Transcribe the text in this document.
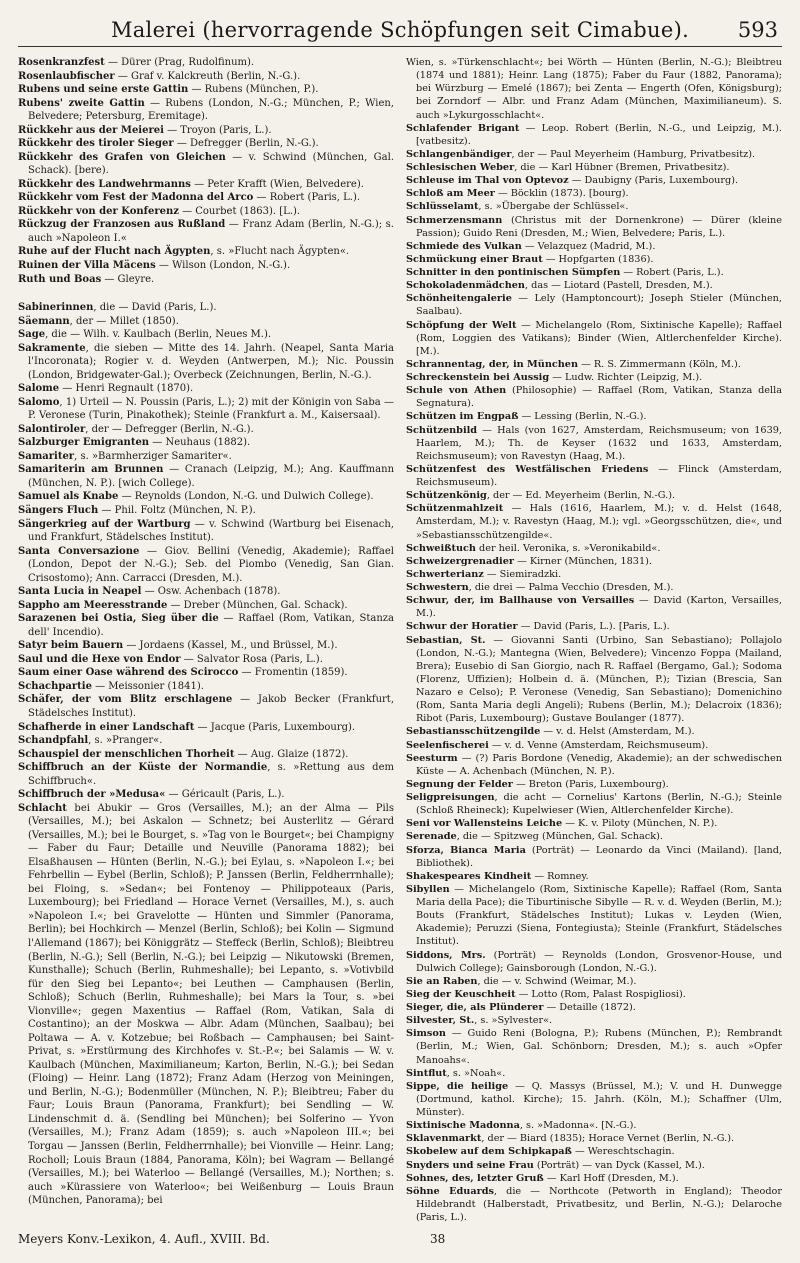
Malerei (hervorragende Schöpfungen seit Cimabue).	593

Rosenkranzfest — Dürer (Prag, Rudolfinum).

Rosenlaubfischer — Graf v. Kalckreuth (Berlin, N.-G.).

Rubens und seine erste Gattin — Rubens (München, P.).

Rubens' zweite Gattin — Rubens (London, N.-G.; München, P.; Wien, Belvedere; Petersburg, Eremitage).

Rückkehr aus der Meierei — Troyon (Paris, L.).

Rückkehr des tiroler Sieger — Defregger (Berlin, N.-G.).

Rückkehr des Grafen von Gleichen — v. Schwind (München, Gal. Schack). [bere).

Rückkehr des Landwehrmanns — Peter Krafft (Wien, Belvedere).

Rückkehr vom Fest der Madonna del Arco — Robert (Paris, L.).

Rückkehr von der Konferenz — Courbet (1863). [L.).

Rückzug der Franzosen aus Rußland — Franz Adam (Berlin, N.-G.); s. auch »Napoleon I.«

Ruhe auf der Flucht nach Ägypten, s. »Flucht nach Ägypten«.

Ruinen der Villa Mäcens — Wilson (London, N.-G.).

Ruth und Boas — Gleyre.

Sabinerinnen, die — David (Paris, L.).

Säemann, der — Millet (1850).

Sage, die — Wilh. v. Kaulbach (Berlin, Neues M.).

Sakramente, die sieben — Mitte des 14. Jahrh. (Neapel, Santa Maria l'Incoronata); Rogier v. d. Weyden (Antwerpen, M.); Nic. Poussin (London, Bridgewater-Gal.); Overbeck (Zeichnungen, Berlin, N.-G.).

Salome — Henri Regnault (1870).

Salomo, 1) Urteil — N. Poussin (Paris, L.); 2) mit der Königin von Saba — P. Veronese (Turin, Pinakothek); Steinle (Frankfurt a. M., Kaisersaal).

Salontiroler, der — Defregger (Berlin, N.-G.).

Salzburger Emigranten — Neuhaus (1882).

Samariter, s. »Barmherziger Samariter«.

Samariterin am Brunnen — Cranach (Leipzig, M.); Ang. Kauffmann (München, N. P.). [wich College).

Samuel als Knabe — Reynolds (London, N.-G. und Dulwich College).

Sängers Fluch — Phil. Foltz (München, N. P.).

Sängerkrieg auf der Wartburg — v. Schwind (Wartburg bei Eisenach, und Frankfurt, Städelsches Institut).

Santa Conversazione — Giov. Bellini (Venedig, Akademie); Raffael (London, Depot der N.-G.); Seb. del Piombo (Venedig, San Gian. Crisostomo); Ann. Carracci (Dresden, M.).

Santa Lucia in Neapel — Osw. Achenbach (1878).

Sappho am Meeresstrande — Dreber (München, Gal. Schack).

Sarazenen bei Ostia, Sieg über die — Raffael (Rom, Vatikan, Stanza dell' Incendio).

Satyr beim Bauern — Jordaens (Kassel, M., und Brüssel, M.).

Saul und die Hexe von Endor — Salvator Rosa (Paris, L.).

Saum einer Oase während des Scirocco — Fromentin (1859).

Schachpartie — Meissonier (1841).

Schäfer, der vom Blitz erschlagene — Jakob Becker (Frankfurt, Städelsches Institut).

Schafherde in einer Landschaft — Jacque (Paris, Luxembourg).

Schandpfahl, s. »Pranger«.

Schauspiel der menschlichen Thorheit — Aug. Glaize (1872).

Schiffbruch an der Küste der Normandie, s. »Rettung aus dem Schiffbruch«.

Schiffbruch der »Medusa« — Géricault (Paris, L.).

Schlacht bei Abukir — Gros (Versailles, M.); an der Alma — Pils (Versailles, M.); bei Askalon — Schnetz; bei Austerlitz — Gérard (Versailles, M.); bei le Bourget, s. »Tag von le Bourget«; bei Champigny — Faber du Faur; Detaille und Neuville (Panorama 1882); bei Elsaßhausen — Hünten (Berlin, N.-G.); bei Eylau, s. »Napoleon I.«; bei Fehrbellin — Eybel (Berlin, Schloß); P. Janssen (Berlin, Feldherrnhalle); bei Floing, s. »Sedan«; bei Fontenoy — Philippoteaux (Paris, Luxembourg); bei Friedland — Horace Vernet (Versailles, M.), s. auch »Napoleon I.«; bei Gravelotte — Hünten und Simmler (Panorama, Berlin); bei Hochkirch — Menzel (Berlin, Schloß); bei Kolin — Sigmund l'Allemand (1867); bei Königgrätz — Steffeck (Berlin, Schloß); Bleibtreu (Berlin, N.-G.); Sell (Berlin, N.-G.); bei Leipzig — Nikutowski (Bremen, Kunsthalle); Schuch (Berlin, Ruhmeshalle); bei Lepanto, s. »Votivbild für den Sieg bei Lepanto«; bei Leuthen — Camphausen (Berlin, Schloß); Schuch (Berlin, Ruhmeshalle); bei Mars la Tour, s. »bei Vionville«; gegen Maxentius — Raffael (Rom, Vatikan, Sala di Costantino); an der Moskwa — Albr. Adam (München, Saalbau); bei Poltawa — A. v. Kotzebue; bei Roßbach — Camphausen; bei Saint-Privat, s. »Erstürmung des Kirchhofes v. St.-P.«; bei Salamis — W. v. Kaulbach (München, Maximilianeum; Karton, Berlin, N.-G.); bei Sedan (Floing) — Heinr. Lang (1872); Franz Adam (Herzog von Meiningen, und Berlin, N.-G.); Bodenmüller (München, N. P.); Bleibtreu; Faber du Faur; Louis Braun (Panorama, Frankfurt); bei Sendling — W. Lindenschmit d. ä. (Sendling bei München); bei Solferino — Yvon (Versailles, M.); Franz Adam (1859); s. auch »Napoleon III.«; bei Torgau — Janssen (Berlin, Feldherrnhalle); bei Vionville — Heinr. Lang; Rocholl; Louis Braun (1884, Panorama, Köln); bei Wagram — Bellangé (Versailles, M.); bei Waterloo — Bellangé (Versailles, M.); Northen; s. auch »Kürassiere von Waterloo«; bei Weißenburg — Louis Braun (München, Panorama); bei

Wien, s. »Türkenschlacht«; bei Wörth — Hünten (Berlin, N.-G.); Bleibtreu (1874 und 1881); Heinr. Lang (1875); Faber du Faur (1882, Panorama); bei Würzburg — Emelé (1867); bei Zenta — Engerth (Ofen, Königsburg); bei Zorndorf — Albr. und Franz Adam (München, Maximilianeum). S. auch »Lykurgosschlacht«.

Schlafender Brigant — Leop. Robert (Berlin, N.-G., und Leipzig, M.). [vatbesitz).

Schlangenbändiger, der — Paul Meyerheim (Hamburg, Privatbesitz).

Schlesischen Weber, die — Karl Hübner (Bremen, Privatbesitz).

Schleuse im Thal von Optevoz — Daubigny (Paris, Luxembourg).

Schloß am Meer — Böcklin (1873). [bourg).

Schlüsselamt, s. »Übergabe der Schlüssel«.

Schmerzensmann (Christus mit der Dornenkrone) — Dürer (kleine Passion); Guido Reni (Dresden, M.; Wien, Belvedere; Paris, L.).

Schmiede des Vulkan — Velazquez (Madrid, M.).

Schmückung einer Braut — Hopfgarten (1836).

Schnitter in den pontinischen Sümpfen — Robert (Paris, L.).

Schokoladenmädchen, das — Liotard (Pastell, Dresden, M.).

Schönheitengalerie — Lely (Hamptoncourt); Joseph Stieler (München, Saalbau).

Schöpfung der Welt — Michelangelo (Rom, Sixtinische Kapelle); Raffael (Rom, Loggien des Vatikans); Binder (Wien, Altlerchenfelder Kirche). [M.).

Schrannentag, der, in München — R. S. Zimmermann (Köln, M.).

Schreckenstein bei Aussig — Ludw. Richter (Leipzig, M.).

Schule von Athen (Philosophie) — Raffael (Rom, Vatikan, Stanza della Segnatura).

Schützen im Engpaß — Lessing (Berlin, N.-G.).

Schützenbild — Hals (von 1627, Amsterdam, Reichsmuseum; von 1639, Haarlem, M.); Th. de Keyser (1632 und 1633, Amsterdam, Reichsmuseum); von Ravestyn (Haag, M.).

Schützenfest des Westfälischen Friedens — Flinck (Amsterdam, Reichsmuseum).

Schützenkönig, der — Ed. Meyerheim (Berlin, N.-G.).

Schützenmahlzeit — Hals (1616, Haarlem, M.); v. d. Helst (1648, Amsterdam, M.); v. Ravestyn (Haag, M.); vgl. »Georgsschützen, die«, und »Sebastiansschützengilde«.

Schweißtuch der heil. Veronika, s. »Veronikabild«.

Schweizergrenadier — Kirner (München, 1831).

Schwerterianz — Siemiradzki.

Schwestern, die drei — Palma Vecchio (Dresden, M.).

Schwur, der, im Ballhause von Versailles — David (Karton, Versailles, M.).

Schwur der Horatier — David (Paris, L.). [Paris, L.).

Sebastian, St. — Giovanni Santi (Urbino, San Sebastiano); Pollajolo (London, N.-G.); Mantegna (Wien, Belvedere); Vincenzo Foppa (Mailand, Brera); Eusebio di San Giorgio, nach R. Raffael (Bergamo, Gal.); Sodoma (Florenz, Uffizien); Holbein d. ä. (München, P.); Tizian (Brescia, San Nazaro e Celso); P. Veronese (Venedig, San Sebastiano); Domenichino (Rom, Santa Maria degli Angeli); Rubens (Berlin, M.); Delacroix (1836); Ribot (Paris, Luxembourg); Gustave Boulanger (1877).

Sebastiansschützengilde — v. d. Helst (Amsterdam, M.).

Seelenfischerei — v. d. Venne (Amsterdam, Reichsmuseum).

Seesturm — (?) Paris Bordone (Venedig, Akademie); an der schwedischen Küste — A. Achenbach (München, N. P.).

Segnung der Felder — Breton (Paris, Luxembourg).

Seligpreisungen, die acht — Cornelius' Kartons (Berlin, N.-G.); Steinle (Schloß Rheineck); Kupelwieser (Wien, Altlerchenfelder Kirche).

Seni vor Wallensteins Leiche — K. v. Piloty (München, N. P.).

Serenade, die — Spitzweg (München, Gal. Schack).

Sforza, Bianca Maria (Porträt) — Leonardo da Vinci (Mailand). [land, Bibliothek).

Shakespeares Kindheit — Romney.

Sibyllen — Michelangelo (Rom, Sixtinische Kapelle); Raffael (Rom, Santa Maria della Pace); die Tiburtinische Sibylle — R. v. d. Weyden (Berlin, M.); Bouts (Frankfurt, Städelsches Institut); Lukas v. Leyden (Wien, Akademie); Peruzzi (Siena, Fontegiusta); Steinle (Frankfurt, Städelsches Institut).

Siddons, Mrs. (Porträt) — Reynolds (London, Grosvenor-House, und Dulwich College); Gainsborough (London, N.-G.).

Sie an Raben, die — v. Schwind (Weimar, M.).

Sieg der Keuschheit — Lotto (Rom, Palast Rospigliosi).

Sieger, die, als Plünderer — Detaille (1872).

Silvester, St., s. »Sylvester«.

Simson — Guido Reni (Bologna, P.); Rubens (München, P.); Rembrandt (Berlin, M.; Wien, Gal. Schönborn; Dresden, M.); s. auch »Opfer Manoahs«.

Sintflut, s. »Noah«.

Sippe, die heilige — Q. Massys (Brüssel, M.); V. und H. Dunwegge (Dortmund, kathol. Kirche); 15. Jahrh. (Köln, M.); Schaffner (Ulm, Münster).

Sixtinische Madonna, s. »Madonna«. [N.-G.).

Sklavenmarkt, der — Biard (1835); Horace Vernet (Berlin, N.-G.).

Skobelew auf dem Schipkapaß — Wereschtschagin.

Snyders und seine Frau (Porträt) — van Dyck (Kassel, M.).

Sohnes, des, letzter Gruß — Karl Hoff (Dresden, M.).

Söhne Eduards, die — Northcote (Petworth in England); Theodor Hildebrandt (Halberstadt, Privatbesitz, und Berlin, N.-G.); Delaroche (Paris, L.).

Meyers Konv.-Lexikon, 4. Aufl., XVIII. Bd.	38
